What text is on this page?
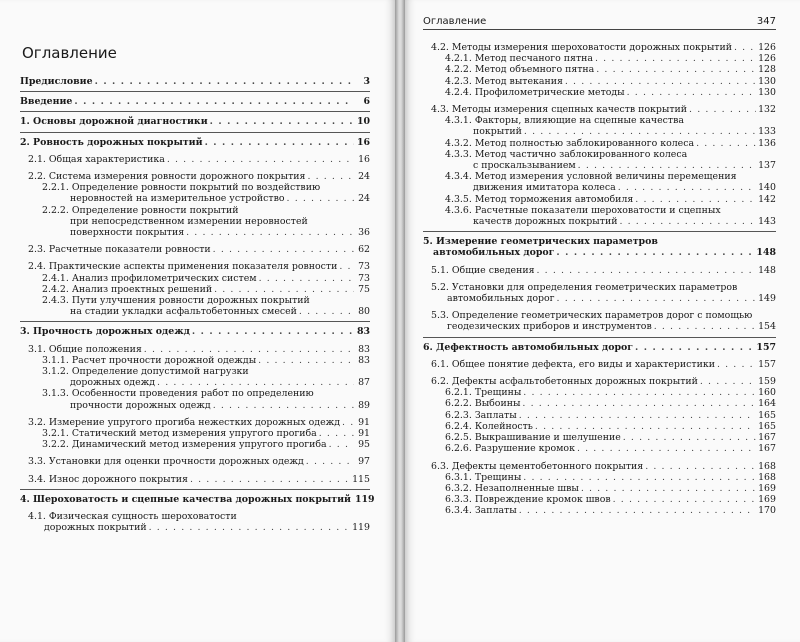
Оглавление
Предисловие . . .	3
Введение . . .	6
1. Основы дорожной диагностики . . .	10
2. Ровность дорожных покрытий . . .	16
2.1. Общая характеристика . . .	16
2.2. Система измерения ровности дорожного покрытия . . .	24
2.2.1. Определение ровности покрытий по воздействию
неровностей на измерительное устройство . . .	24
2.2.2. Определение ровности покрытий
при непосредственном измерении неровностей
поверхности покрытия . . .	36
2.3. Расчетные показатели ровности . . .	62
2.4. Практические аспекты применения показателя ровности . . . 73
2.4.1. Анализ профилометрических систем . . .	73
2.4.2. Анализ проектных решений . . .	75
2.4.3. Пути улучшения ровности дорожных покрытий
на стадии укладки асфальтобетонных смесей . . .	80
3. Прочность дорожных одежд . . .	83
3.1. Общие положения . . .	83
3.1.1. Расчет прочности дорожной одежды . . .	83
3.1.2. Определение допустимой нагрузки
дорожных одежд . . .	87
3.1.3. Особенности проведения работ по определению
прочности дорожных одежд . . .	89
3.2. Измерение упругого прогиба нежестких дорожных одежд . . . 91
3.2.1. Статический метод измерения упругого прогиба . . .	91
3.2.2. Динамический метод измерения упругого прогиба . . .	95
3.3. Установки для оценки прочности дорожных одежд . . .	97
3.4. Износ дорожного покрытия . . .	115
4. Шероховатость и сцепные качества дорожных покрытий 119
4.1. Физическая сущность шероховатости
дорожных покрытий . . .	119
Оглавление	347
4.2. Методы измерения шероховатости дорожных покрытий . . .	126
4.2.1. Метод песчаного пятна . . .	126
4.2.2. Метод объемного пятна . . .	128
4.2.3. Метод вытекания . . .	130
4.2.4. Профилометрические методы . . .	130
4.3. Методы измерения сцепных качеств покрытий . . .	132
4.3.1. Факторы, влияющие на сцепные качества
покрытий . . .	133
4.3.2. Метод полностью заблокированного колеса . . .	136
4.3.3. Метод частично заблокированного колеса
с проскальзыванием . . .	137
4.3.4. Метод измерения условной величины перемещения
движения имитатора колеса . . .	140
4.3.5. Метод торможения автомобиля . . .	142
4.3.6. Расчетные показатели шероховатости и сцепных
качеств дорожных покрытий . . .	143
5. Измерение геометрических параметров
автомобильных дорог . . .	148
5.1. Общие сведения . . .	148
5.2. Установки для определения геометрических параметров
автомобильных дорог . . .	149
5.3. Определение геометрических параметров дорог с помощью
геодезических приборов и инструментов . . .	154
6. Дефектность автомобильных дорог . . .	157
6.1. Общее понятие дефекта, его виды и характеристики . . .	157
6.2. Дефекты асфальтобетонных дорожных покрытий . . .	159
6.2.1. Трещины . . .	160
6.2.2. Выбоины . . .	164
6.2.3. Заплаты . . .	165
6.2.4. Колейность . . .	165
6.2.5. Выкрашивание и шелушение . . .	167
6.2.6. Разрушение кромок . . .	167
6.3. Дефекты цементобетонного покрытия . . .	168
6.3.1. Трещины . . .	168
6.3.2. Незаполненные швы . . .	169
6.3.3. Повреждение кромок швов . . .	169
6.3.4. Заплаты . . .	170
